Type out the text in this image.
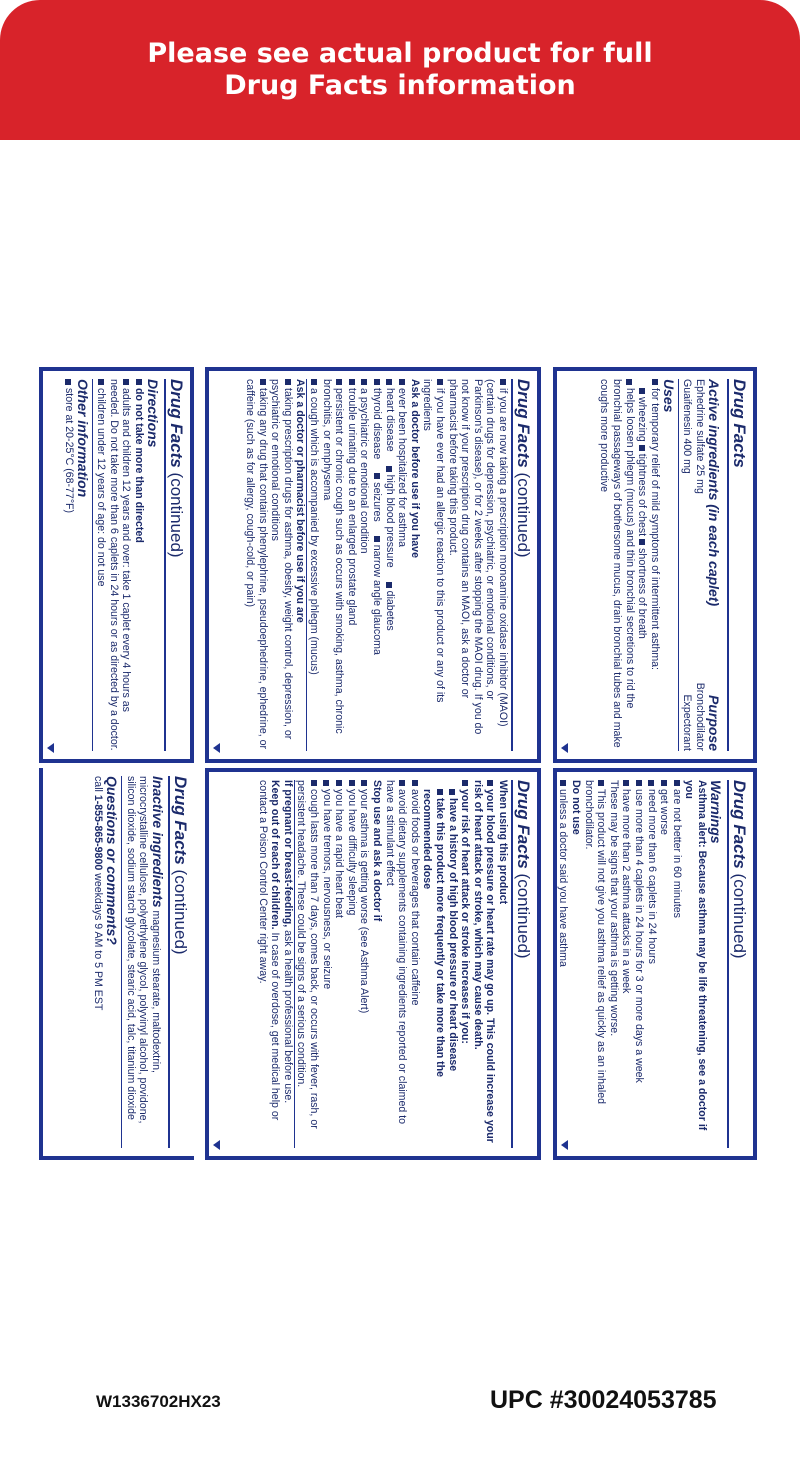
Please see actual product for full
Drug Facts information
Drug Facts
Active ingredients (in each caplet)
Purpose
Ephedrine sulfate 25 mg
Bronchodilator
Guaifenesin 400 mg
Expectorant
Uses
for temporary relief of mild symptoms of intermittent asthma:
wheezing tightness of chest shortness of breath
helps loosen phlegm (mucus) and thin bronchial secretions to rid the bronchial passageways of bothersome mucus, drain bronchial tubes and make coughs more productive
Drug Facts (continued)
Warnings
Asthma alert: Because asthma may be life threatening, see a doctor if you
are not better in 60 minutes
get worse
need more than 6 caplets in 24 hours
use more than 4 caplets in 24 hours for 3 or more days a week
have more than 2 asthma attacks in a week
These may be signs that your asthma is getting worse.
This product will not give you asthma relief as quickly as an inhaled bronchodilator.
Do not use
unless a doctor said you have asthma
Drug Facts (continued)
if you are now taking a prescription monoamine oxidase inhibitor (MAOI) (certain drugs for depression, psychiatric, or emotional conditions, or Parkinson's disease), or for 2 weeks after stopping the MAOI drug. If you do not know if your prescription drug contains an MAOI, ask a doctor or pharmacist before taking this product.
if you have ever had an allergic reaction to this product or any of its ingredients
Ask a doctor before use if you have
ever been hospitalized for asthma
heart diseasehigh blood pressurediabetes
thyroid diseaseseizuresnarrow angle glaucoma
a psychiatric or emotional condition
trouble urinating due to an enlarged prostate gland
persistent or chronic cough such as occurs with smoking, asthma, chronic bronchitis, or emphysema
a cough which is accompanied by excessive phlegm (mucus)
Ask a doctor or pharmacist before use if you are
taking prescription drugs for asthma, obesity, weight control, depression, or psychiatric or emotional conditions
taking any drug that contains phenylephrine, pseudoephedrine, ephedrine, or caffeine (such as for allergy, cough-cold, or pain)
Drug Facts (continued)
When using this product
your blood pressure or heart rate may go up. This could increase your risk of heart attack or stroke, which may cause death.
your risk of heart attack or stroke increases if you:
have a history of high blood pressure or heart disease
take this product more frequently or take more than the recommended dose
avoid foods or beverages that contain caffeine
avoid dietary supplements containing ingredients reported or claimed to have a stimulant effect
Stop use and ask a doctor if
your asthma is getting worse (see Asthma Alert)
you have difficulty sleeping
you have a rapid heart beat
you have tremors, nervousness, or seizure
cough lasts more than 7 days, comes back, or occurs with fever, rash, or persistent headache. These could be signs of a serious condition.
If pregnant or breast-feeding, ask a health professional before use.
Keep out of reach of children. In case of overdose, get medical help or contact a Poison Control Center right away.
Drug Facts (continued)
Directions
do not take more than directed
adults and children 12 years and over: take 1 caplet every 4 hours as needed. Do not take more than 6 caplets in 24 hours or as directed by a doctor.
children under 12 years of age: do not use
Other information
store at 20-25°C (68-77°F)
Drug Facts (continued)
Inactive ingredients magnesium stearate, maltodextrin, microcrystalline cellulose, polyethylene glycol, polyvinyl alcohol, povidone, silicon dioxide, sodium starch glycolate, stearic acid, talc, titanium dioxide
Questions or comments?
call 1-855-865-9800 weekdays 9 AM to 5 PM EST
W1336702HX23	UPC #30024053785
